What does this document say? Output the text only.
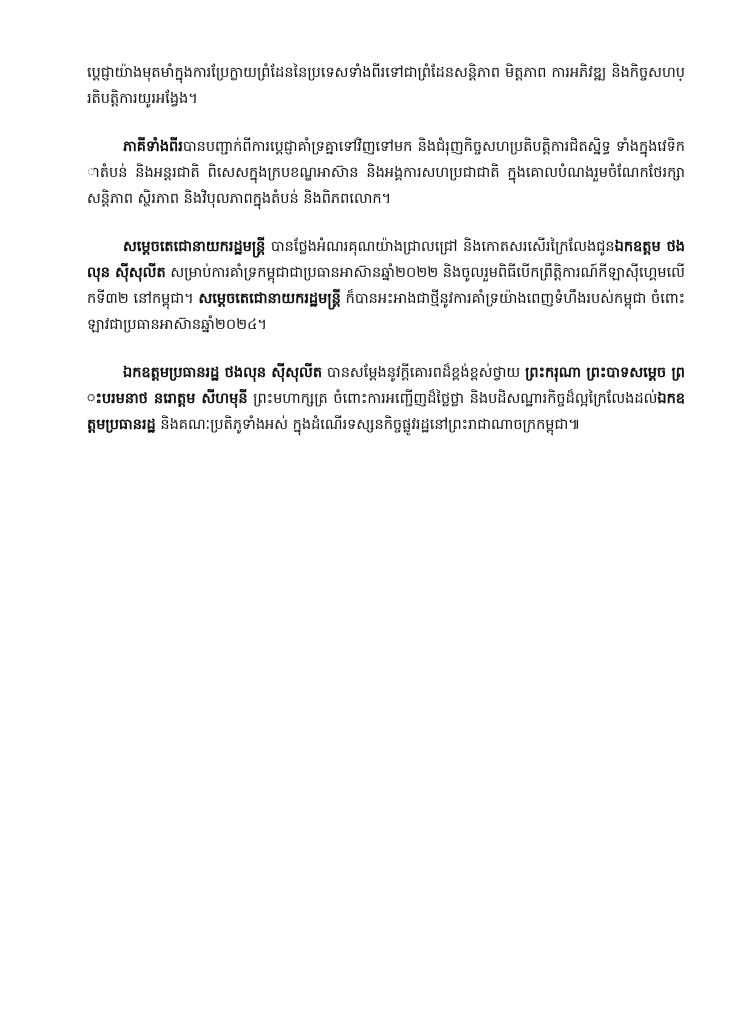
ប្ដេជ្ញាយ៉ាងមុតមាំក្នុងការប្រែក្លាយព្រំដែននៃប្រទេសទាំងពីរទៅជាព្រំដែនសន្តិភាព មិត្តភាព ការអភិវឌ្ឍ និងកិច្ចសហប្រតិបត្តិការយូរអង្វែង។

ភាគីទាំងពីរបានបញ្ជាក់ពីការប្ដេជ្ញាគាំទ្រគ្នាទៅវិញទៅមក និងជំរុញកិច្ចសហប្រតិបត្តិការជិតស្និទ្ធ ទាំងក្នុងវេទិកាតំបន់ និងអន្តរជាតិ ពិសេសក្នុងក្របខណ្ឌអាស៊ាន និងអង្គការសហប្រជាជាតិ ក្នុងគោលបំណងរួមចំណែកថែរក្សាសន្តិភាព ស្ថិរភាព និងវិបុលភាពក្នុងតំបន់ និងពិភពលោក។

សម្ដេចតេជោនាយករដ្ឋមន្ត្រី បានថ្លែងអំណរគុណយ៉ាងជ្រាលជ្រៅ និងកោតសរសើរក្រៃលែងជូនឯកឧត្តម ថងលុន ស៊ីសុលីត សម្រាប់ការគាំទ្រកម្ពុជាជាប្រធានអាស៊ានឆ្នាំ២០២២ និងចូលរួមពិធីបើកព្រឹត្តិការណ៍កីឡាស៊ីហ្គេមលើកទី៣២ នៅកម្ពុជា។ សម្ដេចតេជោនាយករដ្ឋមន្ត្រី ក៏បានអះអាងជាថ្មីនូវការគាំទ្រយ៉ាងពេញទំហឹងរបស់កម្ពុជា ចំពោះឡាវជាប្រធានអាស៊ានឆ្នាំ២០២៤។

ឯកឧត្តមប្រធានរដ្ឋ ថងលុន ស៊ីសុលីត បានសម្ដែងនូវក្ដីគោរពដ៏ខ្ពង់ខ្ពស់ថ្វាយ ព្រះករុណា ព្រះបាទសម្ដេច ព្រះបរមនាថ នរោត្តម សីហមុនី ព្រះមហាក្សត្រ ចំពោះការអញ្ជើញដ៏ថ្លៃថ្លា និងបដិសណ្ឋារកិច្ចដ៏ល្អក្រៃលែងដល់ឯកឧត្តមប្រធានរដ្ឋ និងគណៈប្រតិភូទាំងអស់ ក្នុងដំណើរទស្សនកិច្ចផ្លូវរដ្ឋនៅព្រះរាជាណាចក្រកម្ពុជា៕
